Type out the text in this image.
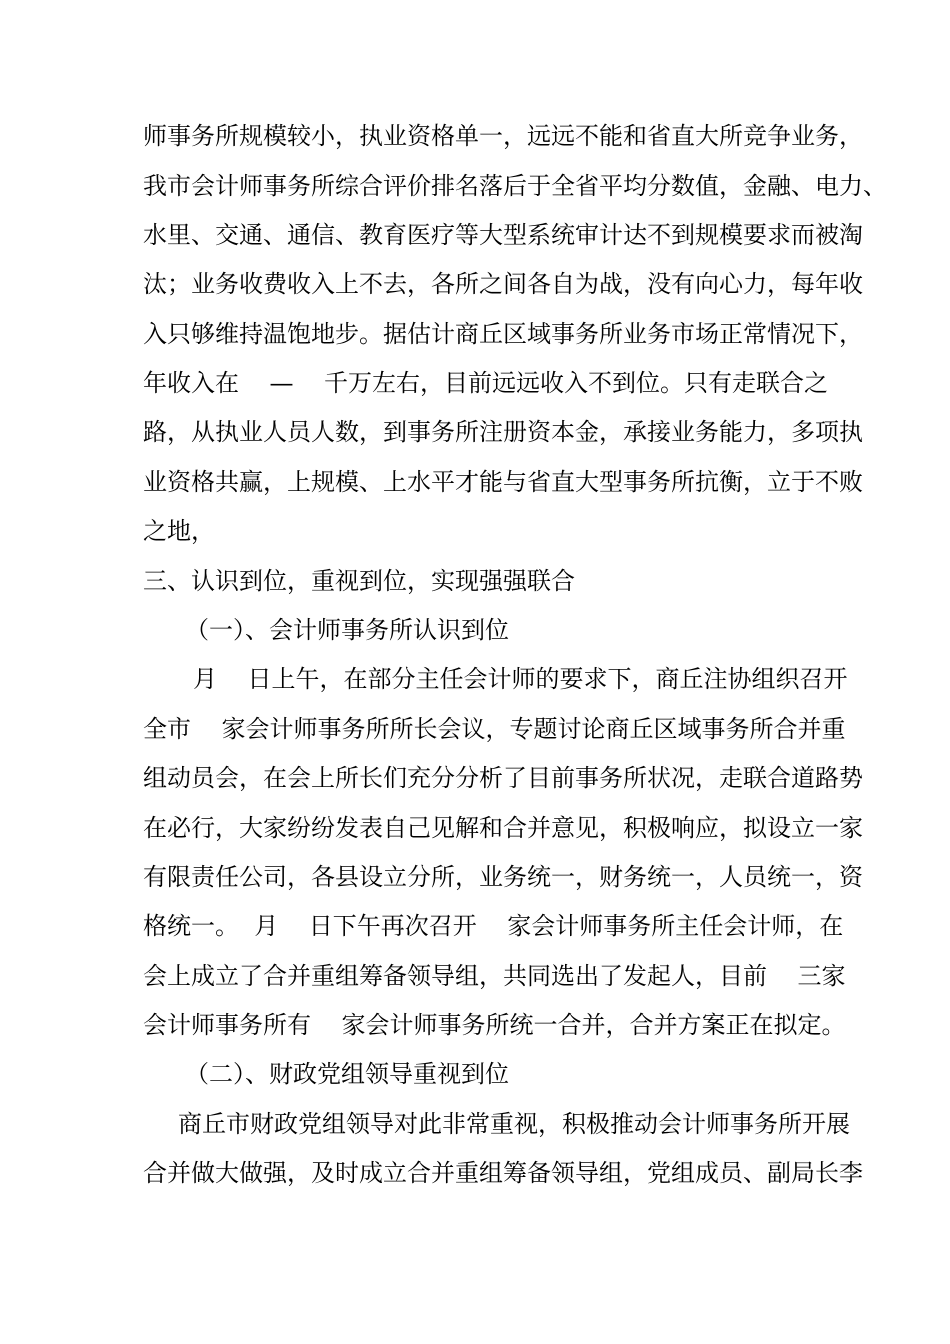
师事务所规模较小，执业资格单一，远远不能和省直大所竞争业务，
我市会计师事务所综合评价排名落后于全省平均分数值，金融、电力、
水里、交通、通信、教育医疗等大型系统审计达不到规模要求而被淘
汰；业务收费收入上不去，各所之间各自为战，没有向心力，每年收
入只够维持温饱地步。据估计商丘区域事务所业务市场正常情况下，
年收入在    —    千万左右，目前远远收入不到位。只有走联合之
路，从执业人员人数，到事务所注册资本金，承接业务能力，多项执
业资格共赢，上规模、上水平才能与省直大型事务所抗衡，立于不败
之地，
三、认识到位，重视到位，实现强强联合
（一）、会计师事务所认识到位
月    日上午，在部分主任会计师的要求下，商丘注协组织召开
全市    家会计师事务所所长会议，专题讨论商丘区域事务所合并重
组动员会，在会上所长们充分分析了目前事务所状况，走联合道路势
在必行，大家纷纷发表自己见解和合并意见，积极响应，拟设立一家
有限责任公司，各县设立分所，业务统一，财务统一，人员统一，资
格统一。  月    日下午再次召开    家会计师事务所主任会计师，在
会上成立了合并重组筹备领导组，共同选出了发起人，目前    三家
会计师事务所有    家会计师事务所统一合并，合并方案正在拟定。
（二）、财政党组领导重视到位
商丘市财政党组领导对此非常重视，积极推动会计师事务所开展
合并做大做强，及时成立合并重组筹备领导组，党组成员、副局长李
